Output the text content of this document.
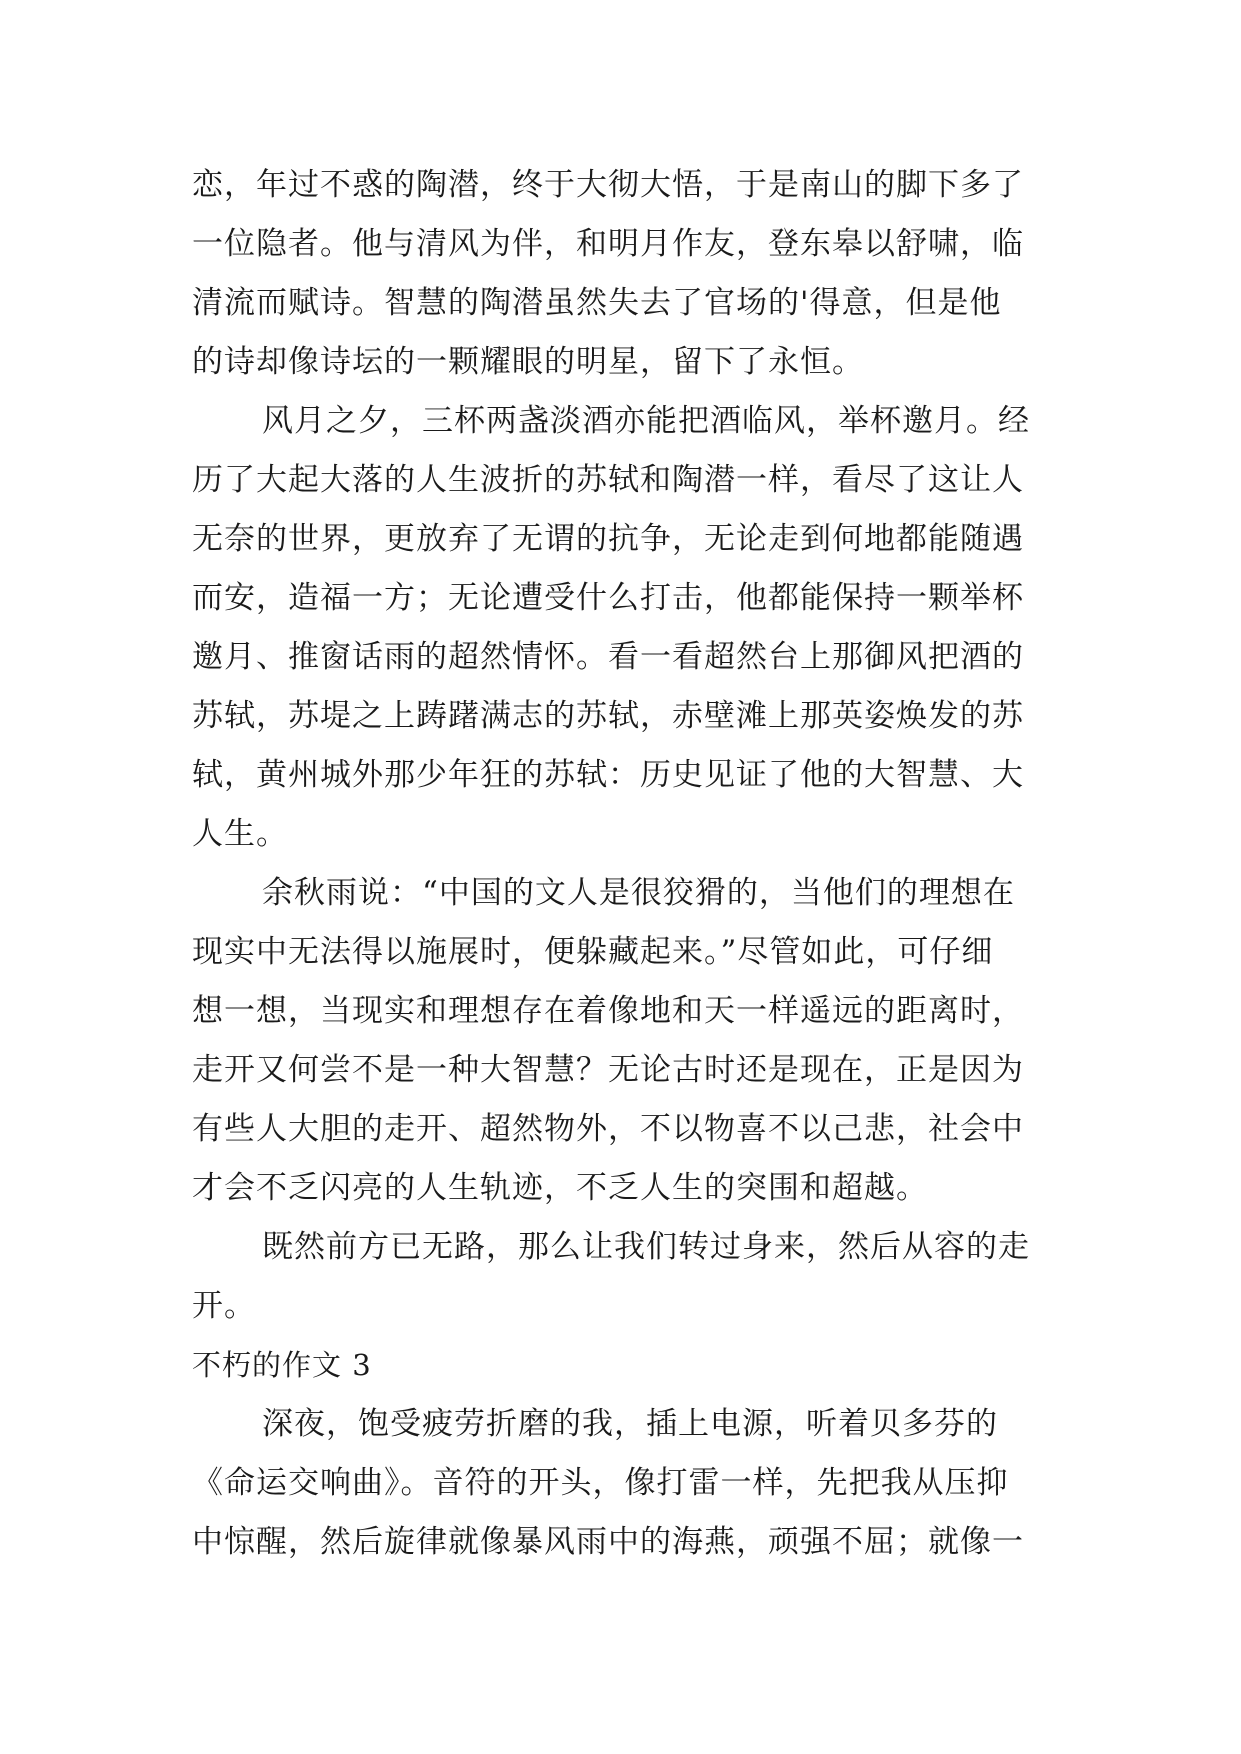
恋，年过不惑的陶潜，终于大彻大悟，于是南山的脚下多了
一位隐者。他与清风为伴，和明月作友，登东皋以舒啸，临
清流而赋诗。智慧的陶潜虽然失去了官场的'得意，但是他
的诗却像诗坛的一颗耀眼的明星，留下了永恒。
风月之夕，三杯两盏淡酒亦能把酒临风，举杯邀月。经
历了大起大落的人生波折的苏轼和陶潜一样，看尽了这让人
无奈的世界，更放弃了无谓的抗争，无论走到何地都能随遇
而安，造福一方；无论遭受什么打击，他都能保持一颗举杯
邀月、推窗话雨的超然情怀。看一看超然台上那御风把酒的
苏轼，苏堤之上踌躇满志的苏轼，赤壁滩上那英姿焕发的苏
轼，黄州城外那少年狂的苏轼：历史见证了他的大智慧、大
人生。
余秋雨说：“中国的文人是很狡猾的，当他们的理想在
现实中无法得以施展时，便躲藏起来。”尽管如此，可仔细
想一想，当现实和理想存在着像地和天一样遥远的距离时，
走开又何尝不是一种大智慧？无论古时还是现在，正是因为
有些人大胆的走开、超然物外，不以物喜不以己悲，社会中
才会不乏闪亮的人生轨迹，不乏人生的突围和超越。
既然前方已无路，那么让我们转过身来，然后从容的走
开。
不朽的作文 3
深夜，饱受疲劳折磨的我，插上电源，听着贝多芬的
《命运交响曲》。音符的开头，像打雷一样，先把我从压抑
中惊醒，然后旋律就像暴风雨中的海燕，顽强不屈；就像一
